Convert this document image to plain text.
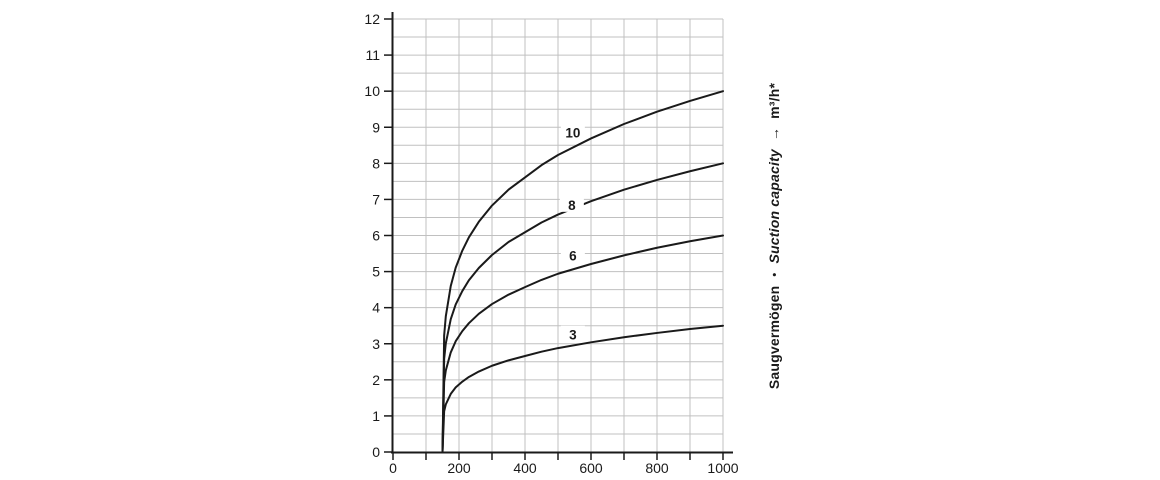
0
1
2
3
4
5
6
7
8
9
10
11
12
0	200	400	600	800	1000
10
8
6
3	Saugvermögen•Suction capacity→m³/h*
